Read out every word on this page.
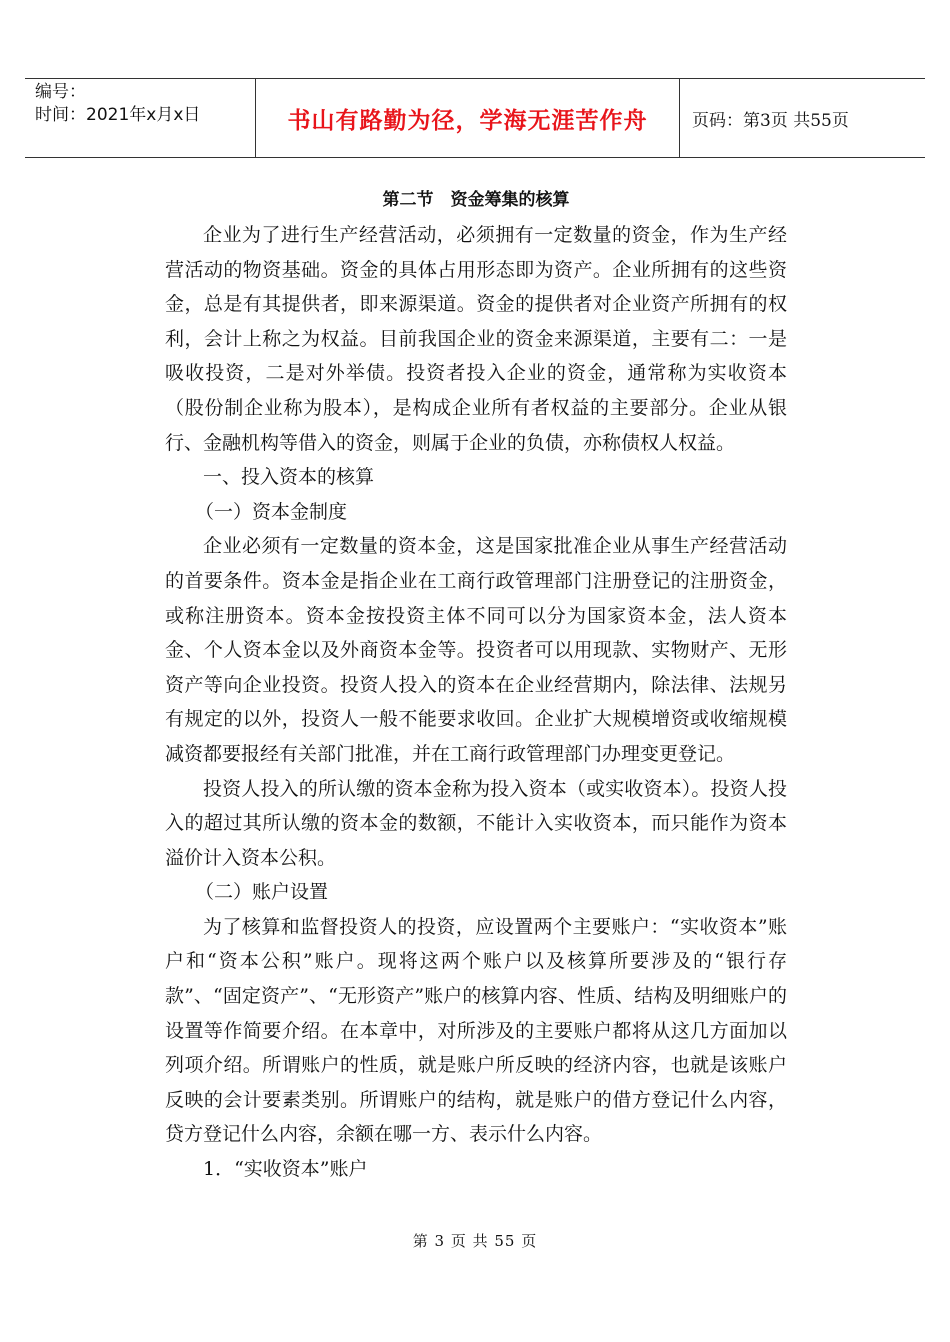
编号：
时间：2021年x月x日	书山有路勤为径，学海无涯苦作舟	页码：第3页 共55页
第二节　资金筹集的核算

企业为了进行生产经营活动，必须拥有一定数量的资金，作为生产经营活动的物资基础。资金的具体占用形态即为资产。企业所拥有的这些资金，总是有其提供者，即来源渠道。资金的提供者对企业资产所拥有的权利，会计上称之为权益。目前我国企业的资金来源渠道，主要有二：一是吸收投资，二是对外举债。投资者投入企业的资金，通常称为实收资本（股份制企业称为股本），是构成企业所有者权益的主要部分。企业从银行、金融机构等借入的资金，则属于企业的负债，亦称债权人权益。

一、投入资本的核算

（一）资本金制度

企业必须有一定数量的资本金，这是国家批准企业从事生产经营活动的首要条件。资本金是指企业在工商行政管理部门注册登记的注册资金，或称注册资本。资本金按投资主体不同可以分为国家资本金，法人资本金、个人资本金以及外商资本金等。投资者可以用现款、实物财产、无形资产等向企业投资。投资人投入的资本在企业经营期内，除法律、法规另有规定的以外，投资人一般不能要求收回。企业扩大规模增资或收缩规模减资都要报经有关部门批准，并在工商行政管理部门办理变更登记。

投资人投入的所认缴的资本金称为投入资本（或实收资本）。投资人投入的超过其所认缴的资本金的数额，不能计入实收资本，而只能作为资本溢价计入资本公积。

（二）账户设置

为了核算和监督投资人的投资，应设置两个主要账户：“实收资本”账户和“资本公积”账户。现将这两个账户以及核算所要涉及的“银行存款”、“固定资产”、“无形资产”账户的核算内容、性质、结构及明细账户的设置等作简要介绍。在本章中，对所涉及的主要账户都将从这几方面加以列项介绍。所谓账户的性质，就是账户所反映的经济内容，也就是该账户反映的会计要素类别。所谓账户的结构，就是账户的借方登记什么内容，贷方登记什么内容，余额在哪一方、表示什么内容。

1．“实收资本”账户

第 3 页 共 55 页
